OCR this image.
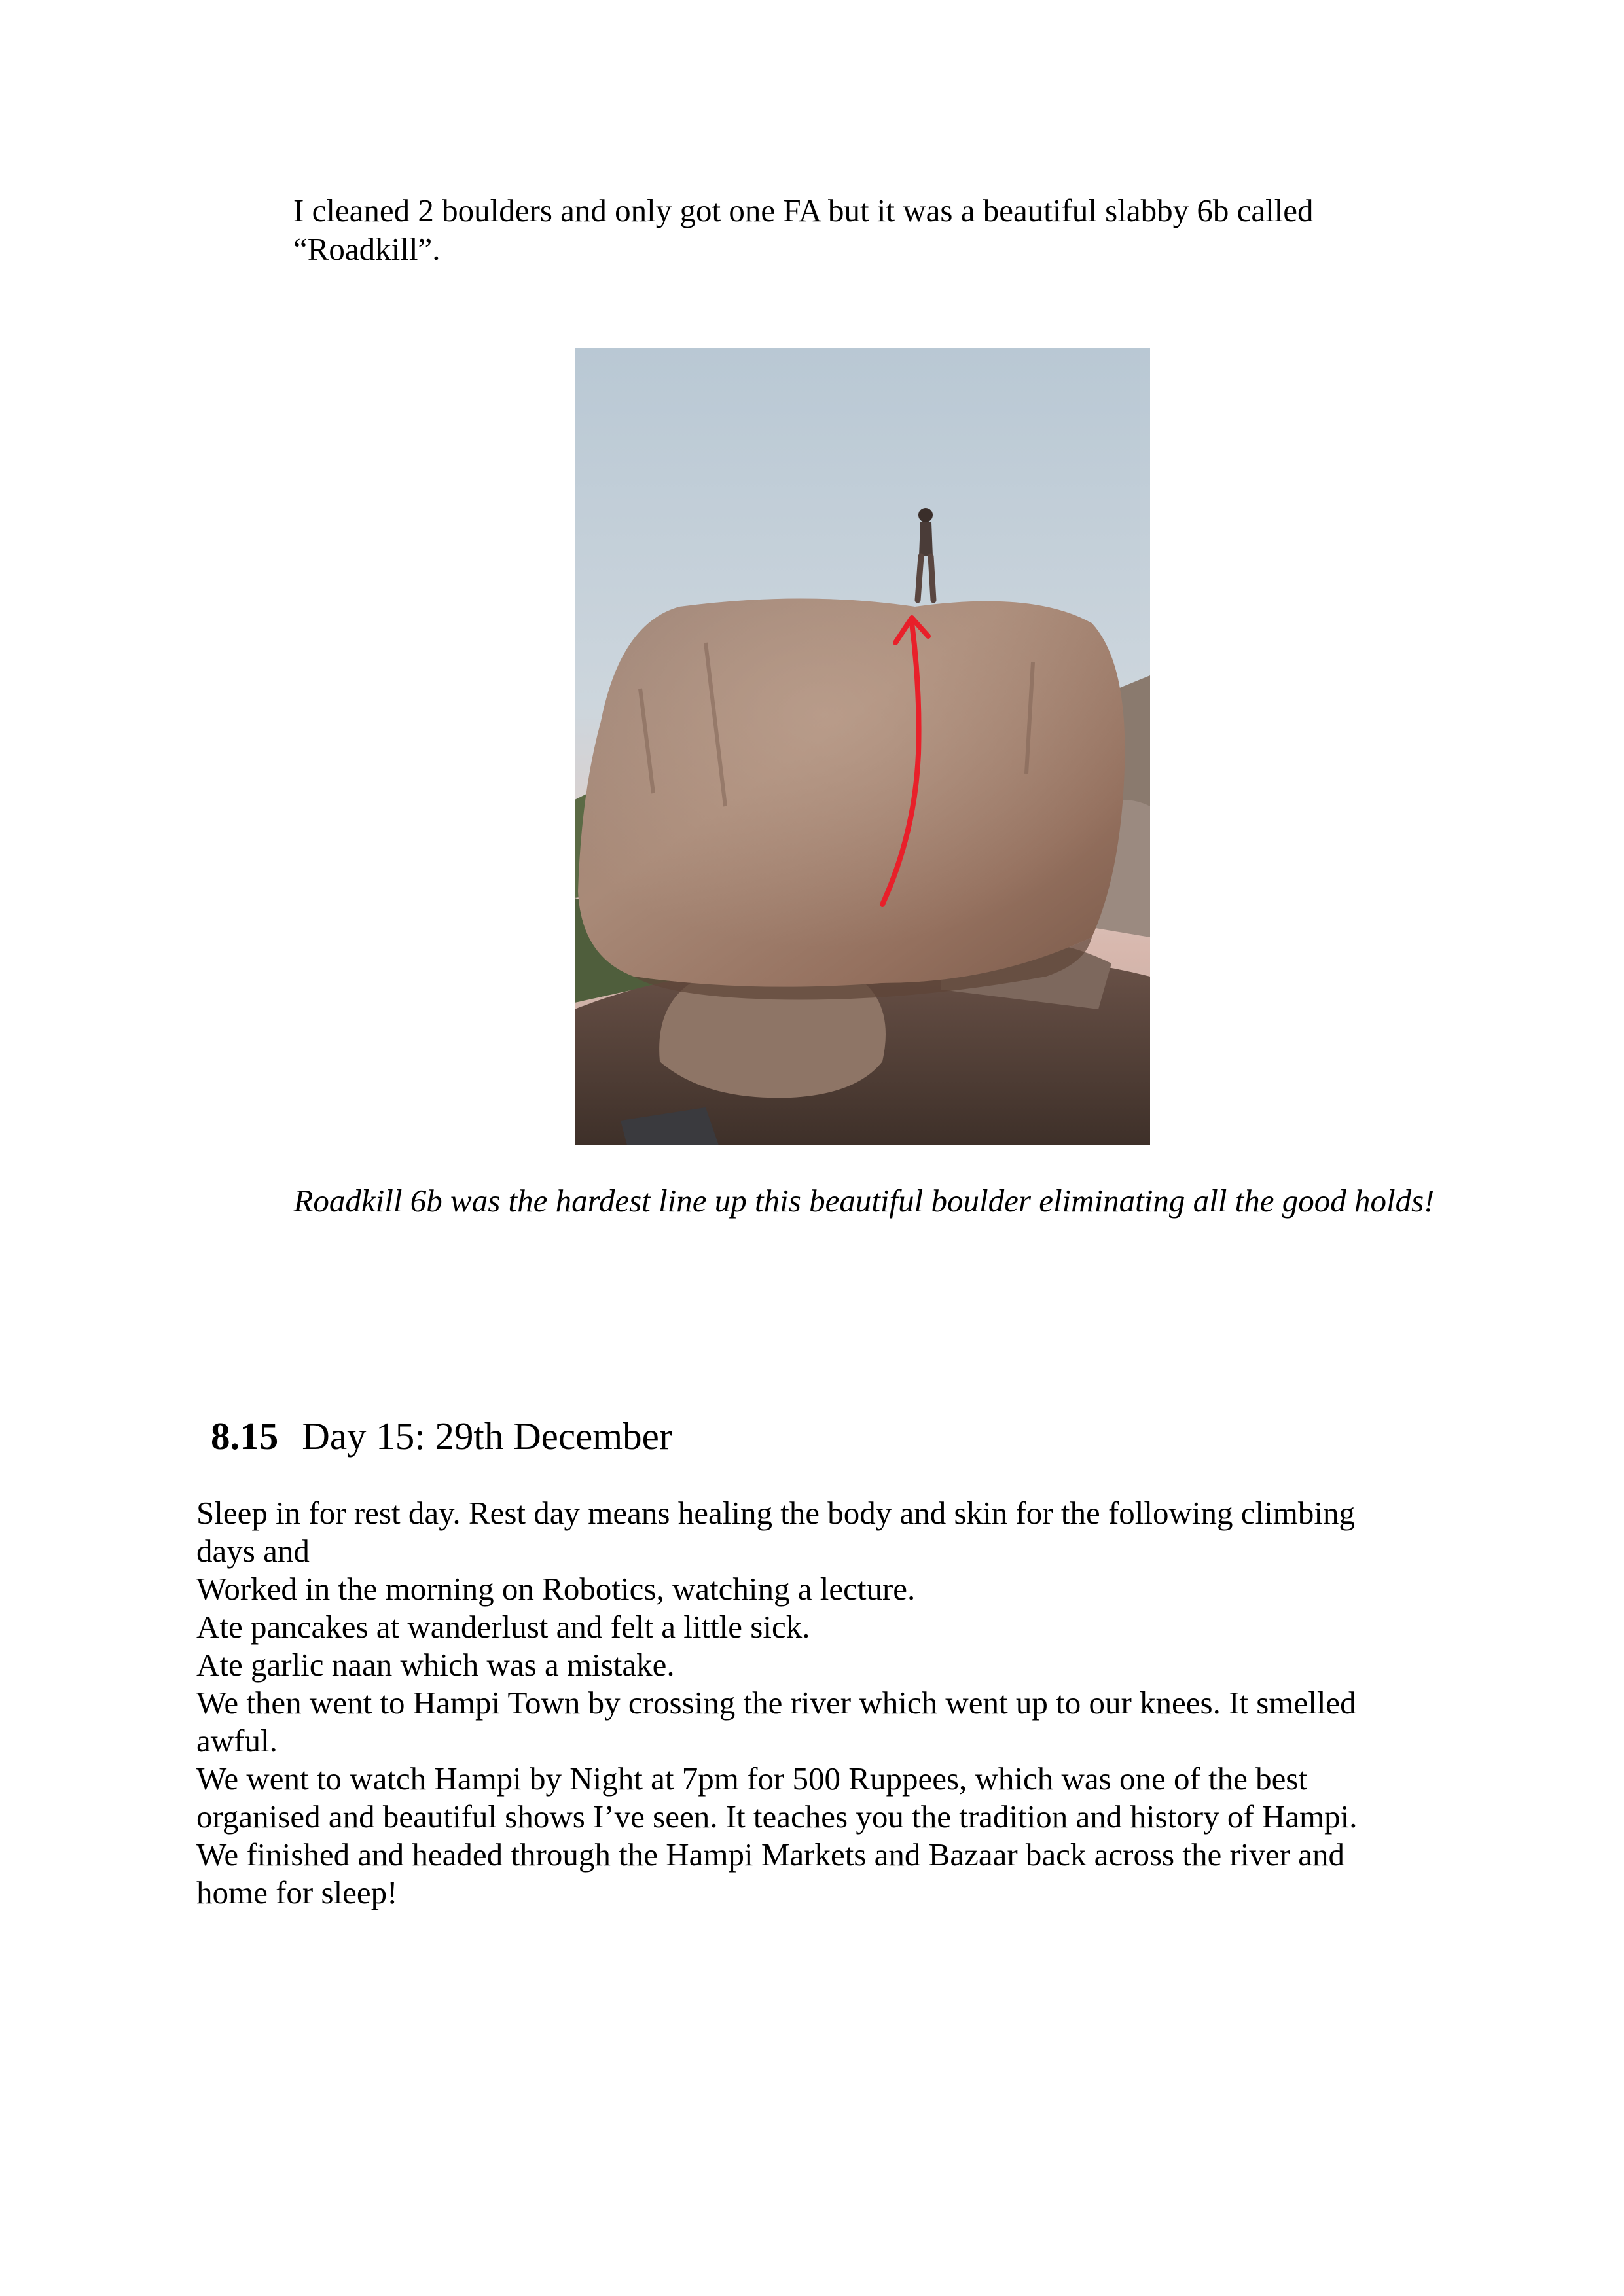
I cleaned 2 boulders and only got one FA but it was a beautiful slabby 6b called “Roadkill”.

Roadkill 6b was the hardest line up this beautiful boulder eliminating all the good holds!
8.15 Day 15: 29th December

Sleep in for rest day. Rest day means healing the body and skin for the following climbing days and

Worked in the morning on Robotics, watching a lecture.

Ate pancakes at wanderlust and felt a little sick.

Ate garlic naan which was a mistake.

We then went to Hampi Town by crossing the river which went up to our knees. It smelled awful.

We went to watch Hampi by Night at 7pm for 500 Ruppees, which was one of the best organised and beautiful shows I’ve seen. It teaches you the tradition and history of Hampi.

We finished and headed through the Hampi Markets and Bazaar back across the river and home for sleep!
